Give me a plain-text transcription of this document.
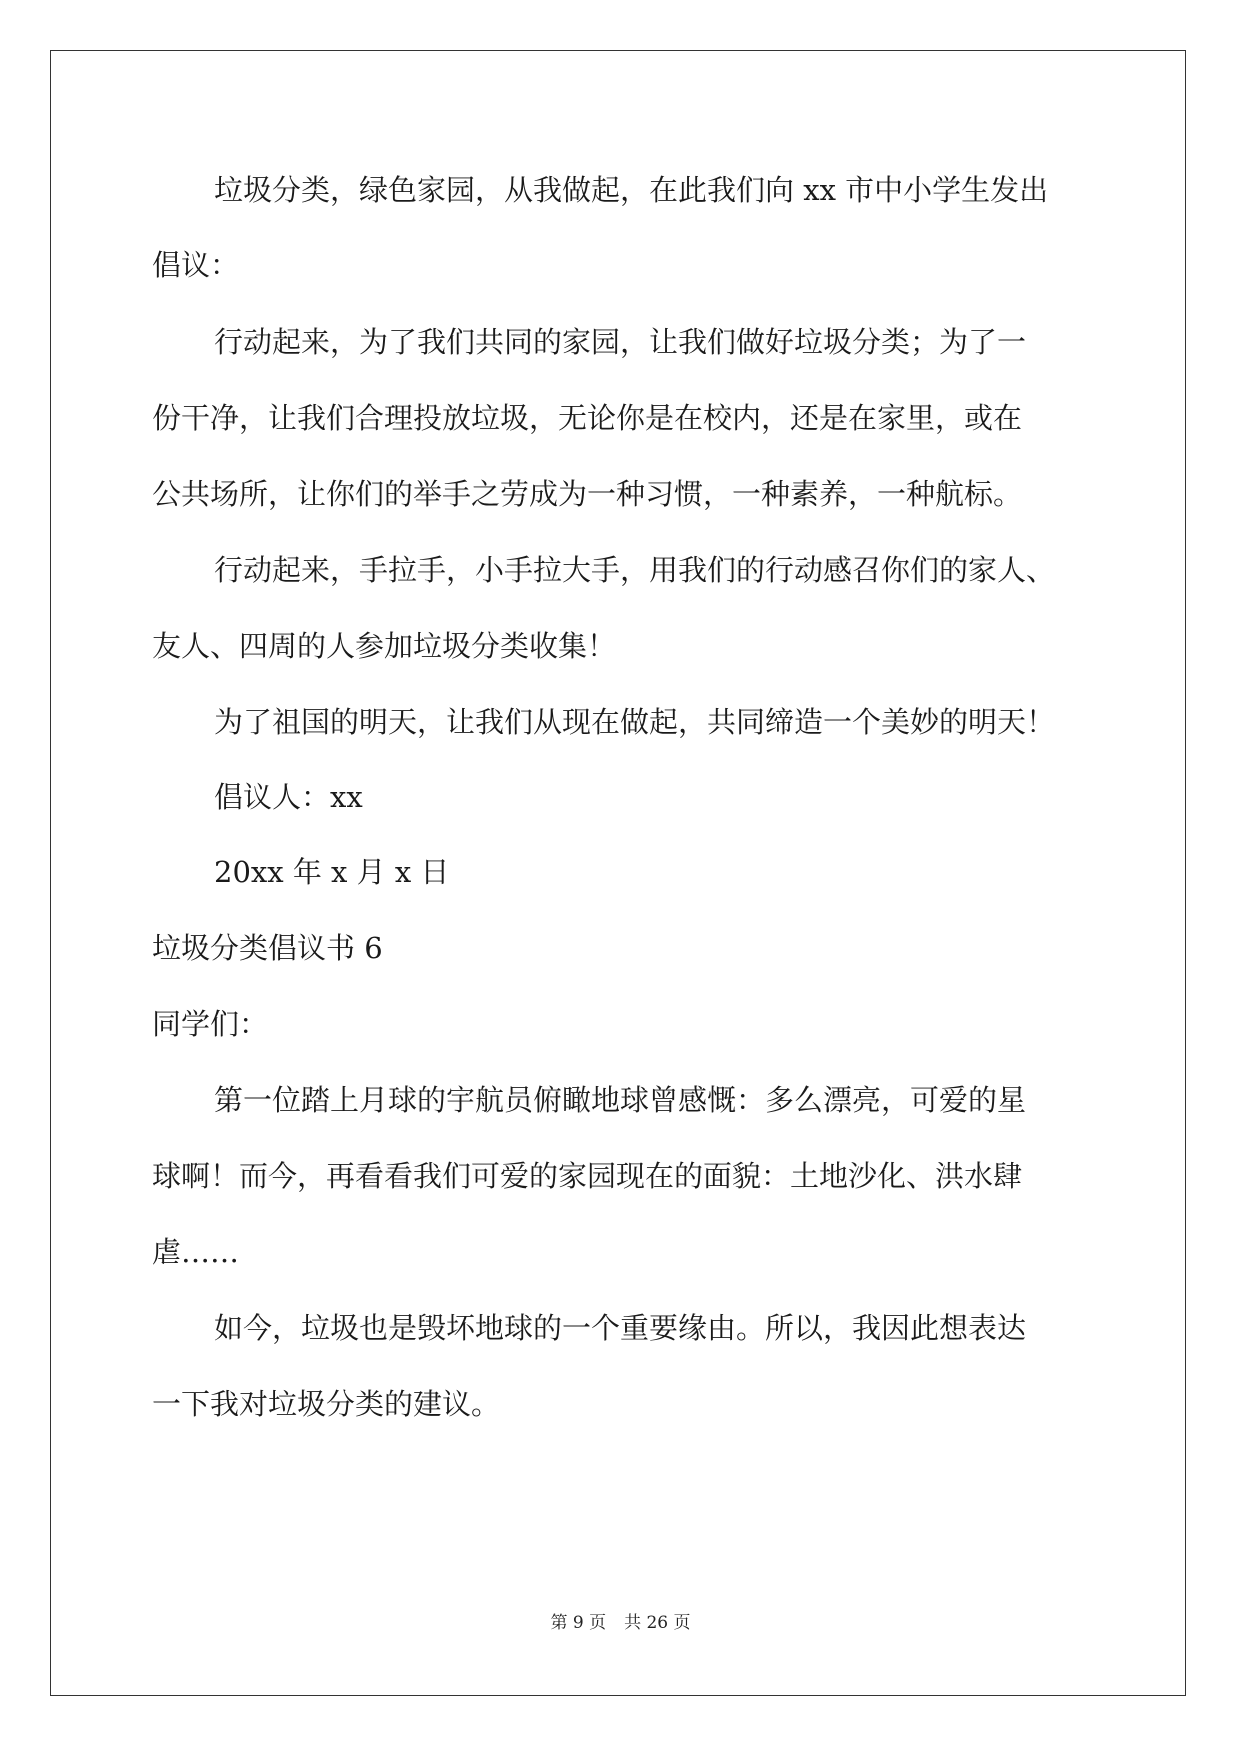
垃圾分类，绿色家园，从我做起，在此我们向 xx 市中小学生发出
倡议：
行动起来，为了我们共同的家园，让我们做好垃圾分类；为了一
份干净，让我们合理投放垃圾，无论你是在校内，还是在家里，或在
公共场所，让你们的举手之劳成为一种习惯，一种素养，一种航标。
行动起来，手拉手，小手拉大手，用我们的行动感召你们的家人、
友人、四周的人参加垃圾分类收集！
为了祖国的明天，让我们从现在做起，共同缔造一个美妙的明天！
倡议人：xx
20xx 年 x 月 x 日
垃圾分类倡议书 6
同学们：
第一位踏上月球的宇航员俯瞰地球曾感慨：多么漂亮，可爱的星
球啊！而今，再看看我们可爱的家园现在的面貌：土地沙化、洪水肆
虐……
如今，垃圾也是毁坏地球的一个重要缘由。所以，我因此想表达
一下我对垃圾分类的建议。
第 9 页 共 26 页
